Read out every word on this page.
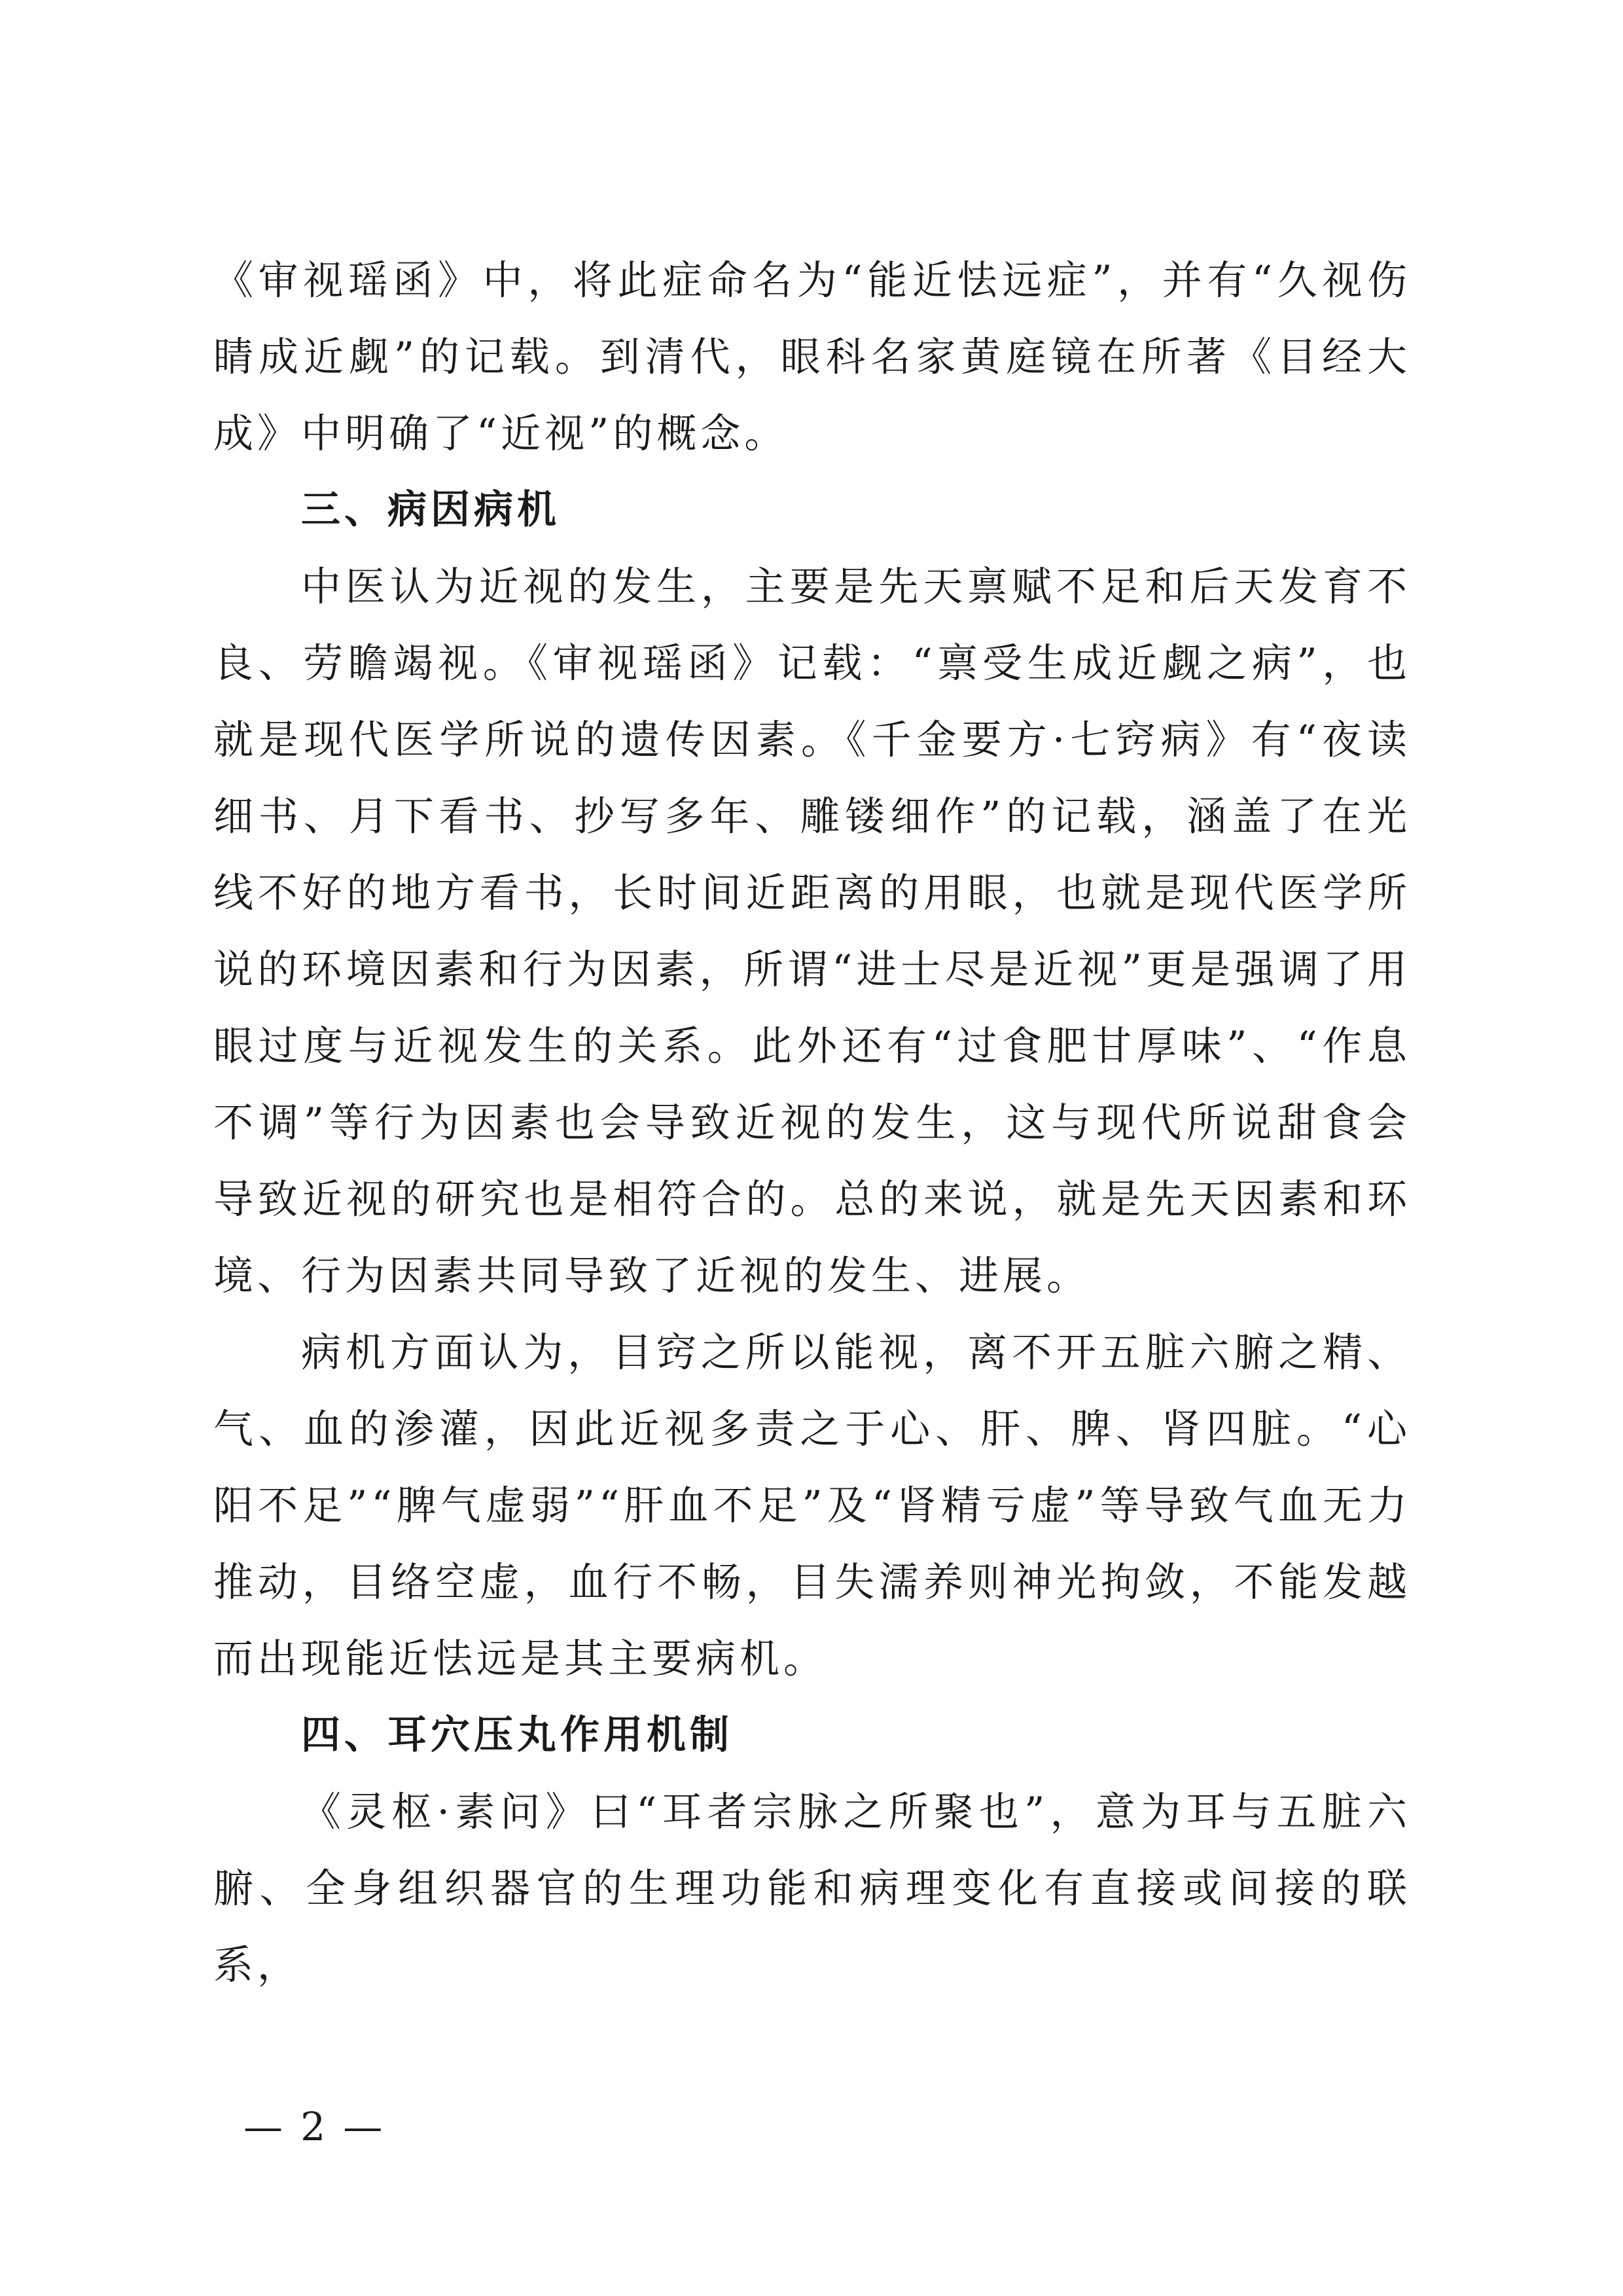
《审视瑶函》中，将此症命名为“能近怯远症”，并有“久视伤睛成近觑”的记载。到清代，眼科名家黄庭镜在所著《目经大成》中明确了“近视”的概念。

三、病因病机

中医认为近视的发生，主要是先天禀赋不足和后天发育不良、劳瞻竭视。《审视瑶函》记载：“禀受生成近觑之病”，也就是现代医学所说的遗传因素。《千金要方·七窍病》有“夜读细书、月下看书、抄写多年、雕镂细作”的记载，涵盖了在光线不好的地方看书，长时间近距离的用眼，也就是现代医学所说的环境因素和行为因素，所谓“进士尽是近视”更是强调了用眼过度与近视发生的关系。此外还有“过食肥甘厚味”、“作息不调”等行为因素也会导致近视的发生，这与现代所说甜食会导致近视的研究也是相符合的。总的来说，就是先天因素和环境、行为因素共同导致了近视的发生、进展。

病机方面认为，目窍之所以能视，离不开五脏六腑之精、气、血的渗灌，因此近视多责之于心、肝、脾、肾四脏。“心阳不足”“脾气虚弱”“肝血不足”及“肾精亏虚”等导致气血无力推动，目络空虚，血行不畅，目失濡养则神光拘敛，不能发越而出现能近怯远是其主要病机。

四、耳穴压丸作用机制

《灵枢·素问》曰“耳者宗脉之所聚也”，意为耳与五脏六腑、全身组织器官的生理功能和病理变化有直接或间接的联系，

— 2 —
